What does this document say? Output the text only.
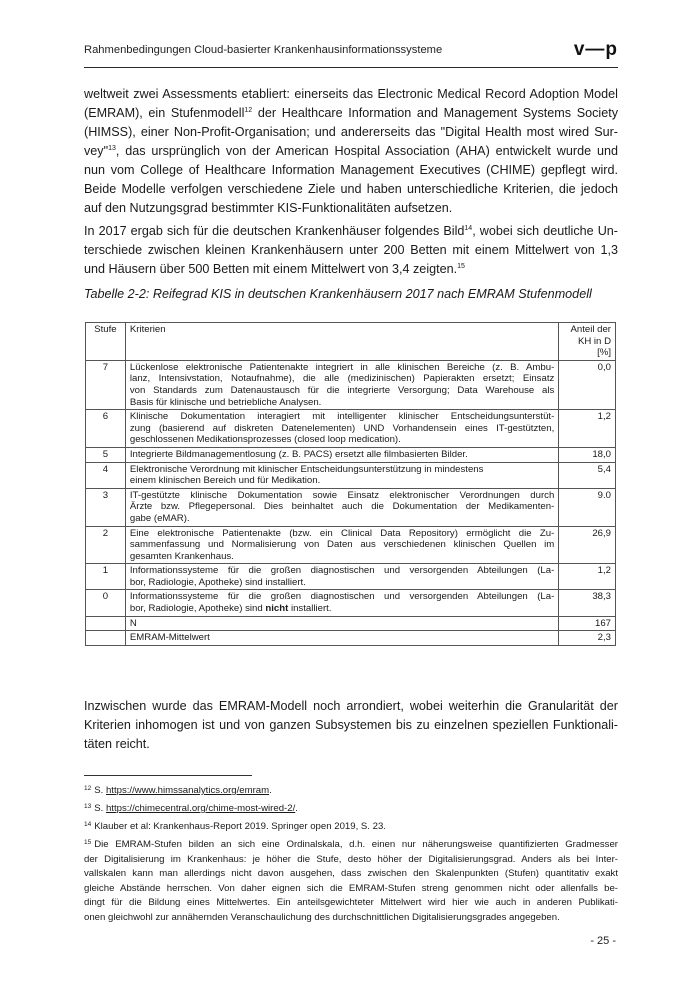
Rahmenbedingungen Cloud-basierter Krankenhausinformationssysteme	v—p
weltweit zwei Assessments etabliert: einerseits das Electronic Medical Record Adoption Model
(EMRAM), ein Stufenmodell$^{12}$ der Healthcare Information and Management Systems Society
(HIMSS), einer Non-Profit-Organisation; und andererseits das "Digital Health most wired Sur-
vey"$^{13}$, das ursprünglich von der American Hospital Association (AHA) entwickelt wurde und
nun vom College of Healthcare Information Management Executives (CHIME) gepflegt wird.
Beide Modelle verfolgen verschiedene Ziele und haben unterschiedliche Kriterien, die jedoch
auf den Nutzungsgrad bestimmter KIS-Funktionalitäten aufsetzen.
In 2017 ergab sich für die deutschen Krankenhäuser folgendes Bild$^{14}$, wobei sich deutliche Un-
terschiede zwischen kleinen Krankenhäusern unter 200 Betten mit einem Mittelwert von 1,3
und Häusern über 500 Betten mit einem Mittelwert von 3,4 zeigten.$^{15}$
Tabelle 2-2: Reifegrad KIS in deutschen Krankenhäusern 2017 nach EMRAM Stufenmodell
Stufe	Kriterien	Anteil der
KH in D [%]

7	Lückenlose elektronische Patientenakte integriert in alle klinischen Bereiche (z. B. Ambu-
lanz, Intensivstation, Notaufnahme), die alle (medizinischen) Papierakten ersetzt; Einsatz
von Standards zum Datenaustausch für die integrierte Versorgung; Data Warehouse als
Basis für klinische und betriebliche Analysen.	0,0
6	Klinische Dokumentation interagiert mit intelligenter klinischer Entscheidungsunterstüt-
zung (basierend auf diskreten Datenelementen) UND Vorhandensein eines IT-gestützten,
geschlossenen Medikationsprozesses (closed loop medication).	1,2
5	Integrierte Bildmanagementlosung (z. B. PACS) ersetzt alle filmbasierten Bilder.	18,0
4	Elektronische Verordnung mit klinischer Entscheidungsunterstützung in mindestens
einem klinischen Bereich und für Medikation.	5,4
3	IT-gestützte klinische Dokumentation sowie Einsatz elektronischer Verordnungen durch
Ärzte bzw. Pflegepersonal. Dies beinhaltet auch die Dokumentation der Medikamenten-
gabe (eMAR).	9.0
2	Eine elektronische Patientenakte (bzw. ein Clinical Data Repository) ermöglicht die Zu-
sammenfassung und Normalisierung von Daten aus verschiedenen klinischen Quellen im
gesamten Krankenhaus.	26,9
1	Informationssysteme für die großen diagnostischen und versorgenden Abteilungen (La-
bor, Radiologie, Apotheke) sind installiert.	1,2
0	Informationssysteme für die großen diagnostischen und versorgenden Abteilungen (La-
bor, Radiologie, Apotheke) sind nicht installiert.	38,3
	N	167
	EMRAM-Mittelwert	2,3
Inzwischen wurde das EMRAM-Modell noch arrondiert, wobei weiterhin die Granularität der
Kriterien inhomogen ist und von ganzen Subsystemen bis zu einzelnen speziellen Funktionali-
täten reicht.
$^{12}$ S. https://www.himssanalytics.org/emram.
$^{13}$ S. https://chimecentral.org/chime-most-wired-2/.
$^{14}$ Klauber et al: Krankenhaus-Report 2019. Springer open 2019, S. 23.
$^{15}$ Die EMRAM-Stufen bilden an sich eine Ordinalskala, d.h. einen nur näherungsweise quantifizierten Gradmesser
der Digitalisierung im Krankenhaus: je höher die Stufe, desto höher der Digitalisierungsgrad. Anders als bei Inter-
vallskalen kann man allerdings nicht davon ausgehen, dass zwischen den Skalenpunkten (Stufen) quantitativ exakt
gleiche Abstände herrschen. Von daher eignen sich die EMRAM-Stufen streng genommen nicht oder allenfalls be-
dingt für die Bildung eines Mittelwertes. Ein anteilsgewichteter Mittelwert wird hier wie auch in anderen Publikati-
onen gleichwohl zur annähernden Veranschaulichung des durchschnittlichen Digitalisierungsgrades angegeben.
- 25 -
